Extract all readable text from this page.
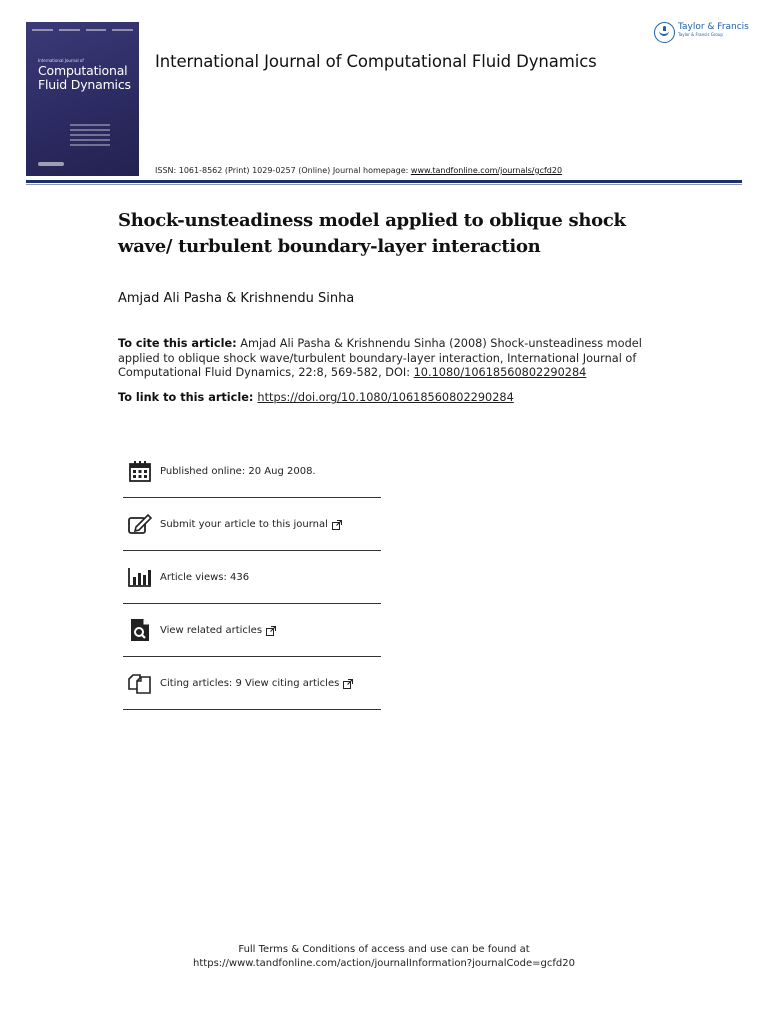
International Journal of
Computational
Fluid Dynamics
International Journal of Computational Fluid Dynamics
ISSN: 1061-8562 (Print) 1029-0257 (Online) Journal homepage: www.tandfonline.com/journals/gcfd20
Taylor & Francis
Taylor & Francis Group
Shock-unsteadiness model applied to oblique shock wave/ turbulent boundary-layer interaction
Amjad Ali Pasha & Krishnendu Sinha
To cite this article: Amjad Ali Pasha & Krishnendu Sinha (2008) Shock-unsteadiness model applied to oblique shock wave/turbulent boundary-layer interaction, International Journal of Computational Fluid Dynamics, 22:8, 569-582, DOI: 10.1080/10618560802290284
To link to this article: https://doi.org/10.1080/10618560802290284
Published online: 20 Aug 2008.
Submit your article to this journal
Article views: 436
View related articles
Citing articles: 9 View citing articles
Full Terms & Conditions of access and use can be found at
https://www.tandfonline.com/action/journalInformation?journalCode=gcfd20
